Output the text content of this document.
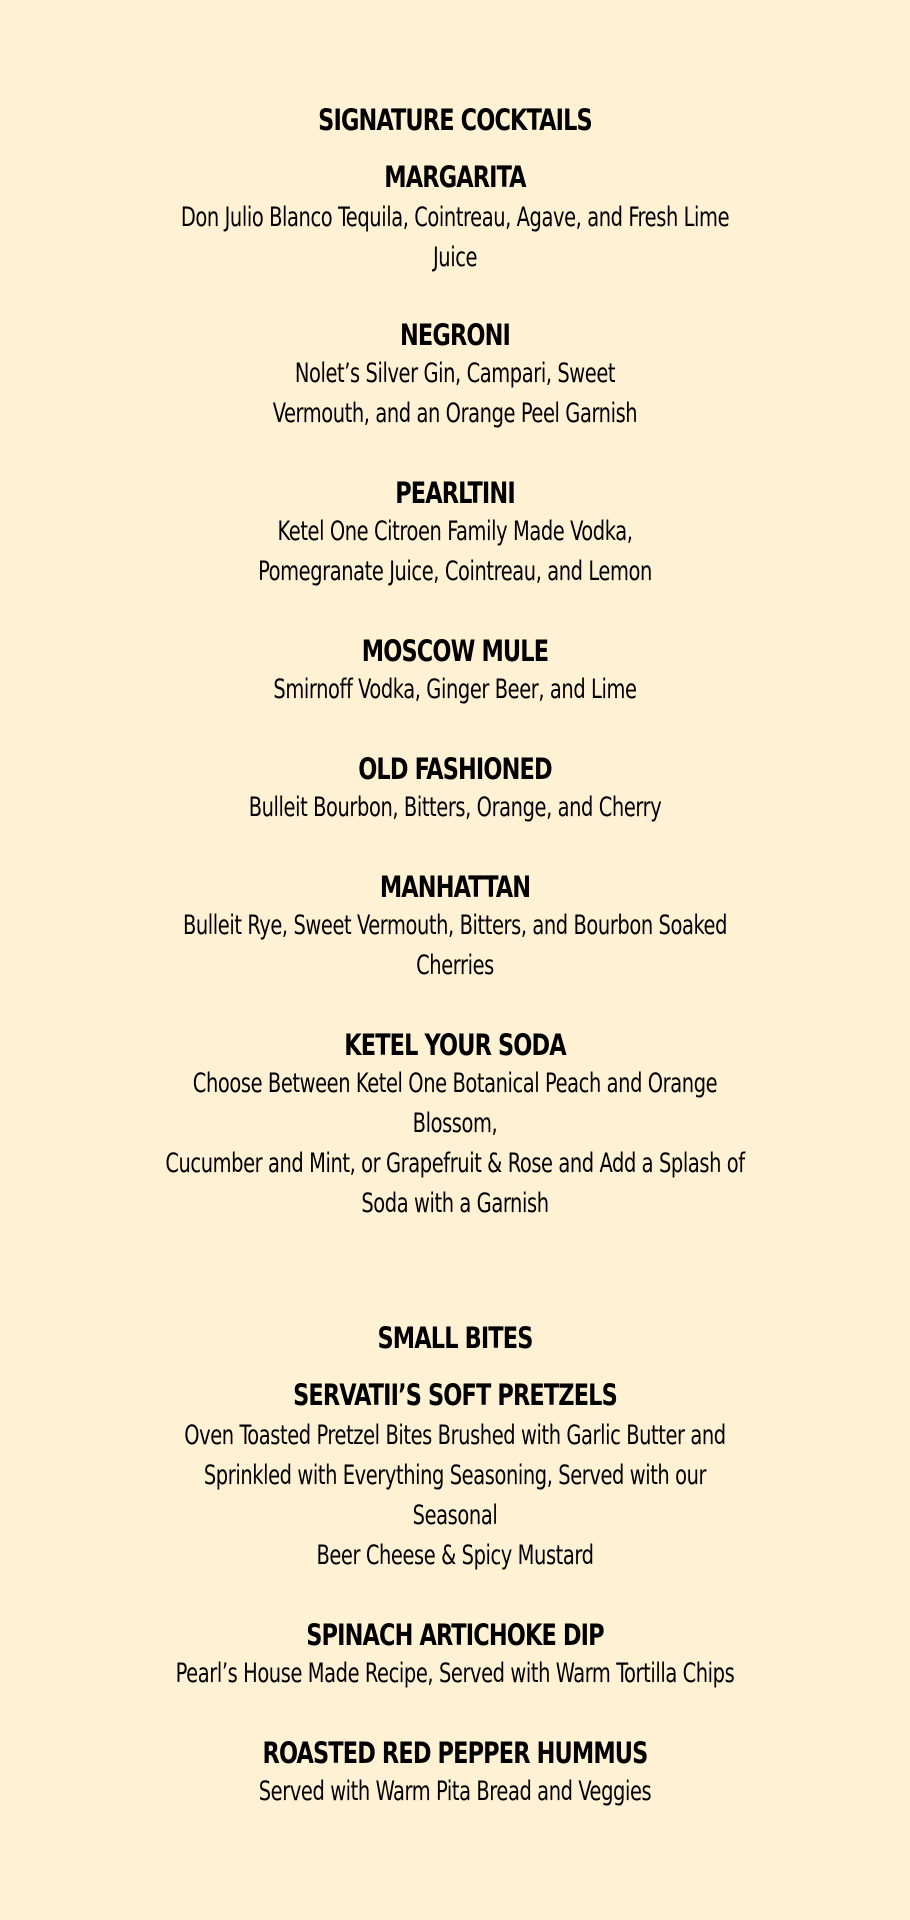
SIGNATURE COCKTAILS

MARGARITA

Don Julio Blanco Tequila, Cointreau, Agave, and Fresh Lime Juice

NEGRONI

Nolet’s Silver Gin, Campari, Sweet
Vermouth, and an Orange Peel Garnish

PEARLTINI

Ketel One Citroen Family Made Vodka,
Pomegranate Juice, Cointreau, and Lemon

MOSCOW MULE

Smirnoff Vodka, Ginger Beer, and Lime

OLD FASHIONED

Bulleit Bourbon, Bitters, Orange, and Cherry

MANHATTAN

Bulleit Rye, Sweet Vermouth, Bitters, and Bourbon Soaked
Cherries

KETEL YOUR SODA

Choose Between Ketel One Botanical Peach and Orange Blossom,
Cucumber and Mint, or Grapefruit & Rose and Add a Splash of
Soda with a Garnish
SMALL BITES

SERVATII’S SOFT PRETZELS

Oven Toasted Pretzel Bites Brushed with Garlic Butter and
Sprinkled with Everything Seasoning, Served with our Seasonal
Beer Cheese & Spicy Mustard

SPINACH ARTICHOKE DIP

Pearl’s House Made Recipe, Served with Warm Tortilla Chips

ROASTED RED PEPPER HUMMUS

Served with Warm Pita Bread and Veggies
